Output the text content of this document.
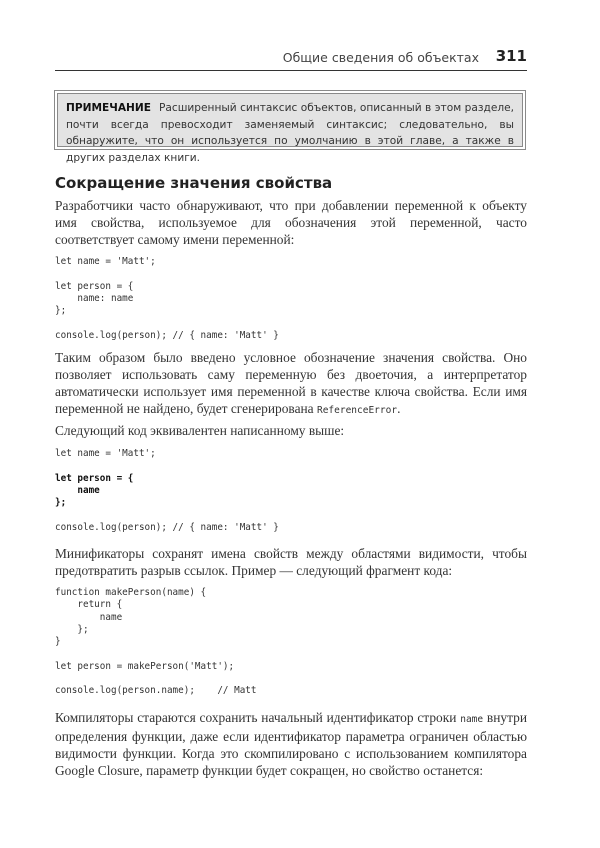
Общие сведения об объектах 311
ПРИМЕЧАНИЕ Расширенный синтаксис объектов, описанный в этом разделе, почти всегда превосходит заменяемый синтаксис; следовательно, вы обнаружите, что он используется по умолчанию в этой главе, а также в других разделах книги.
Сокращение значения свойства

Разработчики часто обнаруживают, что при добавлении переменной к объекту имя свойства, используемое для обозначения этой переменной, часто соответствует самому имени переменной:

let name = 'Matt';

let person = {
name: name
};

console.log(person); // { name: 'Matt' }

Таким образом было введено условное обозначение значения свойства. Оно позволяет использовать саму переменную без двоеточия, а интерпретатор автоматически использует имя переменной в качестве ключа свойства. Если имя переменной не найдено, будет сгенерирована ReferenceError.

Следующий код эквивалентен написанному выше:

let name = 'Matt';

let person = {
name
};

console.log(person); // { name: 'Matt' }

Минификаторы сохранят имена свойств между областями видимости, чтобы предотвратить разрыв ссылок. Пример — следующий фрагмент кода:

function makePerson(name) {
return {
name
};
}

let person = makePerson('Matt');

console.log(person.name);    // Matt

Компиляторы стараются сохранить начальный идентификатор строки name внутри определения функции, даже если идентификатор параметра ограничен областью видимости функции. Когда это скомпилировано с использованием компилятора Google Closure, параметр функции будет сокращен, но свойство останется:
